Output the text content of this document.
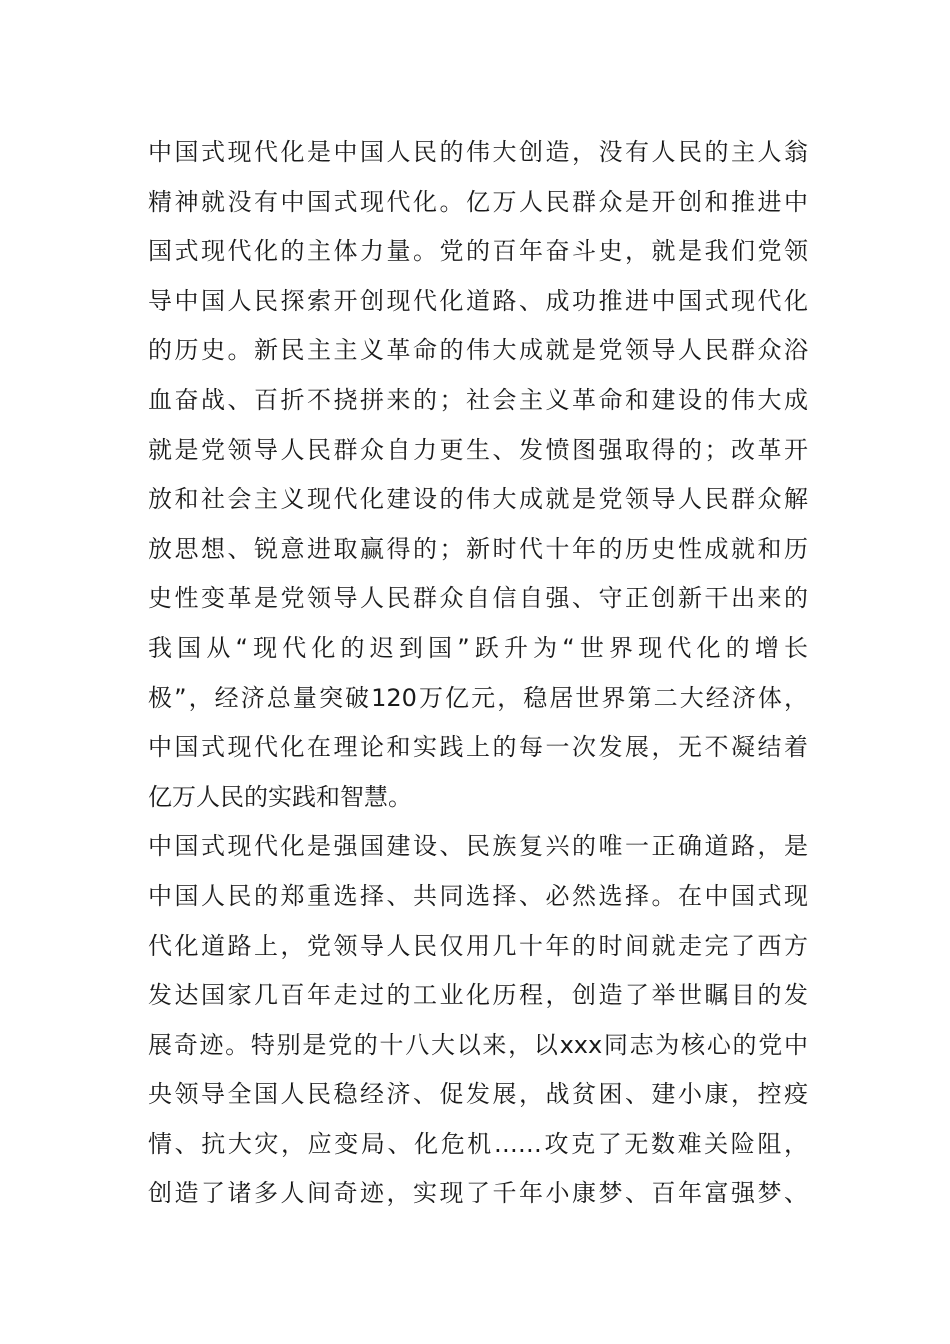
中国式现代化是中国人民的伟大创造，没有人民的主人翁
精神就没有中国式现代化。亿万人民群众是开创和推进中
国式现代化的主体力量。党的百年奋斗史，就是我们党领
导中国人民探索开创现代化道路、成功推进中国式现代化
的历史。新民主主义革命的伟大成就是党领导人民群众浴
血奋战、百折不挠拼来的；社会主义革命和建设的伟大成
就是党领导人民群众自力更生、发愤图强取得的；改革开
放和社会主义现代化建设的伟大成就是党领导人民群众解
放思想、锐意进取赢得的；新时代十年的历史性成就和历
史性变革是党领导人民群众自信自强、守正创新干出来的
我国从“现代化的迟到国”跃升为“世界现代化的增长
极”，经济总量突破120万亿元，稳居世界第二大经济体，
中国式现代化在理论和实践上的每一次发展，无不凝结着
亿万人民的实践和智慧。
中国式现代化是强国建设、民族复兴的唯一正确道路，是
中国人民的郑重选择、共同选择、必然选择。在中国式现
代化道路上，党领导人民仅用几十年的时间就走完了西方
发达国家几百年走过的工业化历程，创造了举世瞩目的发
展奇迹。特别是党的十八大以来，以xxx同志为核心的党中
央领导全国人民稳经济、促发展，战贫困、建小康，控疫
情、抗大灾，应变局、化危机……攻克了无数难关险阻，
创造了诸多人间奇迹，实现了千年小康梦、百年富强梦、
